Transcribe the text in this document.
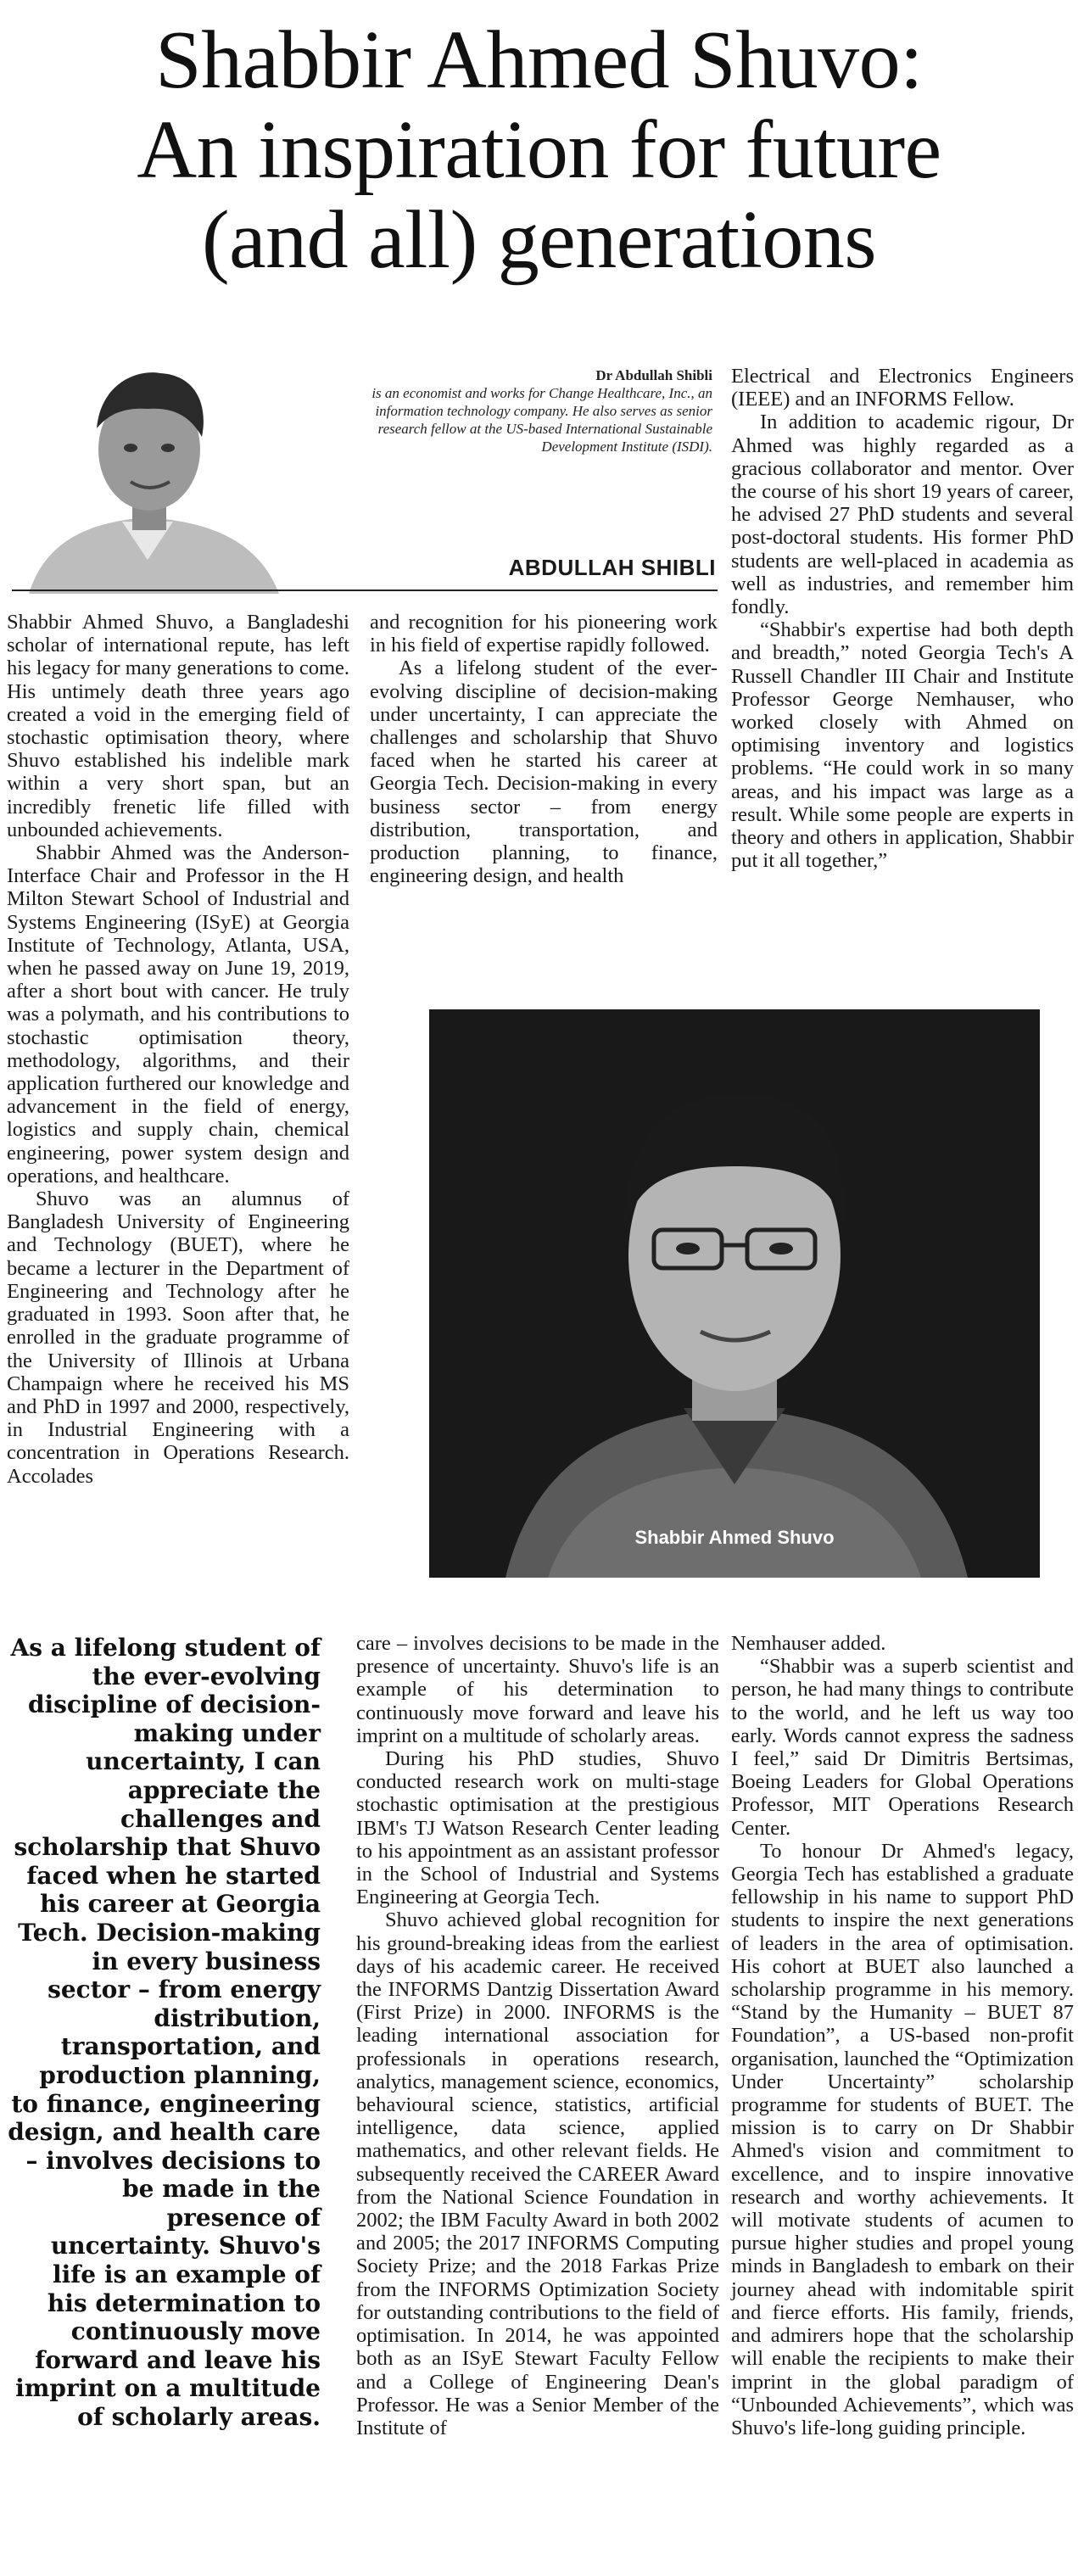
Shabbir Ahmed Shuvo:
An inspiration for future
(and all) generations

Dr Abdullah Shibli
is an economist and works for Change Healthcare, Inc., an information technology company. He also serves as senior research fellow at the US-based International Sustainable Development Institute (ISDI).

ABDULLAH SHIBLI

Shabbir Ahmed Shuvo, a Bangladeshi scholar of international repute, has left his legacy for many generations to come. His untimely death three years ago created a void in the emerging field of stochastic optimisation theory, where Shuvo established his indelible mark within a very short span, but an incredibly frenetic life filled with unbounded achievements.

Shabbir Ahmed was the Anderson-Interface Chair and Professor in the H Milton Stewart School of Industrial and Systems Engineering (ISyE) at Georgia Institute of Technology, Atlanta, USA, when he passed away on June 19, 2019, after a short bout with cancer. He truly was a polymath, and his contributions to stochastic optimisation theory, methodology, algorithms, and their application furthered our knowledge and advancement in the field of energy, logistics and supply chain, chemical engineering, power system design and operations, and healthcare.

Shuvo was an alumnus of Bangladesh University of Engineering and Technology (BUET), where he became a lecturer in the Department of Engineering and Technology after he graduated in 1993. Soon after that, he enrolled in the graduate programme of the University of Illinois at Urbana Champaign where he received his MS and PhD in 1997 and 2000, respectively, in Industrial Engineering with a concentration in Operations Research. Accolades

and recognition for his pioneering work in his field of expertise rapidly followed.

As a lifelong student of the ever-evolving discipline of decision-making under uncertainty, I can appreciate the challenges and scholarship that Shuvo faced when he started his career at Georgia Tech. Decision-making in every business sector – from energy distribution, transportation, and production planning, to finance, engineering design, and health

Electrical and Electronics Engineers (IEEE) and an INFORMS Fellow.

In addition to academic rigour, Dr Ahmed was highly regarded as a gracious collaborator and mentor. Over the course of his short 19 years of career, he advised 27 PhD students and several post-doctoral students. His former PhD students are well-placed in academia as well as industries, and remember him fondly.

“Shabbir's expertise had both depth and breadth,” noted Georgia Tech's A Russell Chandler III Chair and Institute Professor George Nemhauser, who worked closely with Ahmed on optimising inventory and logistics problems. “He could work in so many areas, and his impact was large as a result. While some people are experts in theory and others in application, Shabbir put it all together,”

Shabbir Ahmed Shuvo

As a lifelong student of the ever-evolving discipline of decision-making under uncertainty, I can appreciate the challenges and scholarship that Shuvo faced when he started his career at Georgia Tech. Decision-making in every business sector – from energy distribution, transportation, and production planning, to finance, engineering design, and health care – involves decisions to be made in the presence of uncertainty. Shuvo's life is an example of his determination to continuously move forward and leave his imprint on a multitude of scholarly areas.

care – involves decisions to be made in the presence of uncertainty. Shuvo's life is an example of his determination to continuously move forward and leave his imprint on a multitude of scholarly areas.

During his PhD studies, Shuvo conducted research work on multi-stage stochastic optimisation at the prestigious IBM's TJ Watson Research Center leading to his appointment as an assistant professor in the School of Industrial and Systems Engineering at Georgia Tech.

Shuvo achieved global recognition for his ground-breaking ideas from the earliest days of his academic career. He received the INFORMS Dantzig Dissertation Award (First Prize) in 2000. INFORMS is the leading international association for professionals in operations research, analytics, management science, economics, behavioural science, statistics, artificial intelligence, data science, applied mathematics, and other relevant fields. He subsequently received the CAREER Award from the National Science Foundation in 2002; the IBM Faculty Award in both 2002 and 2005; the 2017 INFORMS Computing Society Prize; and the 2018 Farkas Prize from the INFORMS Optimization Society for outstanding contributions to the field of optimisation. In 2014, he was appointed both as an ISyE Stewart Faculty Fellow and a College of Engineering Dean's Professor. He was a Senior Member of the Institute of

Nemhauser added.

“Shabbir was a superb scientist and person, he had many things to contribute to the world, and he left us way too early. Words cannot express the sadness I feel,” said Dr Dimitris Bertsimas, Boeing Leaders for Global Operations Professor, MIT Operations Research Center.

To honour Dr Ahmed's legacy, Georgia Tech has established a graduate fellowship in his name to support PhD students to inspire the next generations of leaders in the area of optimisation. His cohort at BUET also launched a scholarship programme in his memory. “Stand by the Humanity – BUET 87 Foundation”, a US-based non-profit organisation, launched the “Optimization Under Uncertainty” scholarship programme for students of BUET. The mission is to carry on Dr Shabbir Ahmed's vision and commitment to excellence, and to inspire innovative research and worthy achievements. It will motivate students of acumen to pursue higher studies and propel young minds in Bangladesh to embark on their journey ahead with indomitable spirit and fierce efforts. His family, friends, and admirers hope that the scholarship will enable the recipients to make their imprint in the global paradigm of “Unbounded Achievements”, which was Shuvo's life-long guiding principle.
